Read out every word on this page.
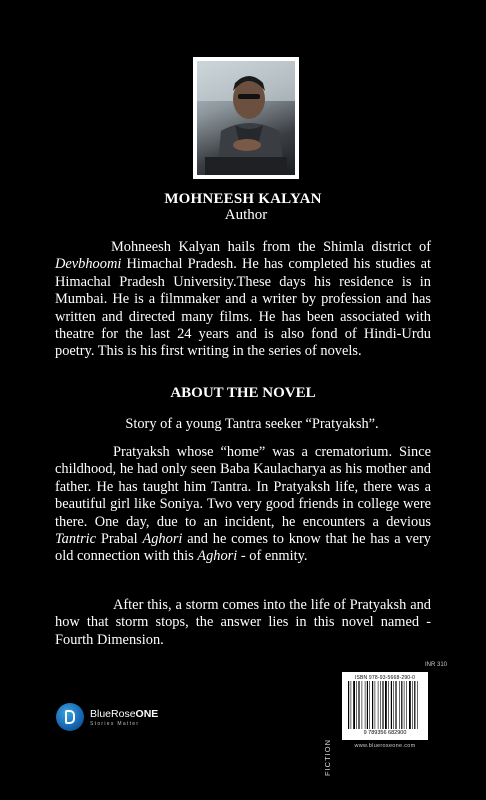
MOHNEESH KALYAN
Author
Mohneesh Kalyan hails from the Shimla district of Devbhoomi Himachal Pradesh. He has completed his studies at Himachal Pradesh University.These days his residence is in Mumbai. He is a filmmaker and a writer by profession and has written and directed many films. He has been associated with theatre for the last 24 years and is also fond of Hindi-Urdu poetry. This is his first writing in the series of novels.
ABOUT THE NOVEL
Story of a young Tantra seeker “Pratyaksh”.
Pratyaksh whose “home” was a crematorium. Since childhood, he had only seen Baba Kaulacharya as his mother and father. He has taught him Tantra. In Pratyaksh life, there was a beautiful girl like Soniya. Two very good friends in college were there. One day, due to an incident, he encounters a devious Tantric Prabal Aghori and he comes to know that he has a very old connection with this Aghori - of enmity.
After this, a storm comes into the life of Pratyaksh and how that storm stops, the answer lies in this novel named - Fourth Dimension.
INR 310
FICTION
ISBN 978-93-5668-290-0
9 789356 682900
www.bluerosеone.com
BlueRoseONE
Stories Matter
